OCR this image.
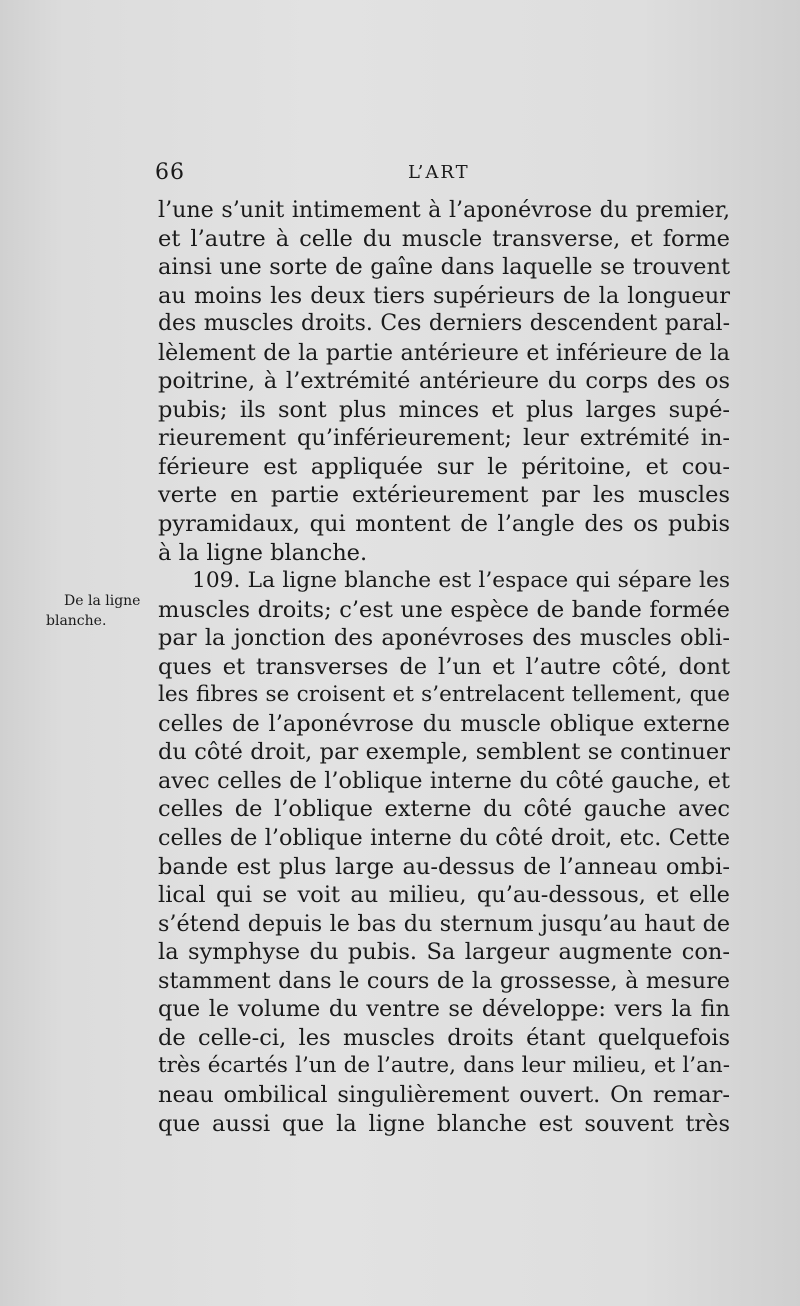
66	L’ART
De la ligne
blanche.
l’une s’unit intimement à l’aponévrose du premier,
et l’autre à celle du muscle transverse, et forme
ainsi une sorte de gaîne dans laquelle se trouvent
au moins les deux tiers supérieurs de la longueur
des muscles droits. Ces derniers descendent paral-
lèlement de la partie antérieure et inférieure de la
poitrine, à l’extrémité antérieure du corps des os
pubis; ils sont plus minces et plus larges supé-
rieurement qu’inférieurement; leur extrémité in-
férieure est appliquée sur le péritoine, et cou-
verte en partie extérieurement par les muscles
pyramidaux, qui montent de l’angle des os pubis
à la ligne blanche.
109. La ligne blanche est l’espace qui sépare les
muscles droits; c’est une espèce de bande formée
par la jonction des aponévroses des muscles obli-
ques et transverses de l’un et l’autre côté, dont
les fibres se croisent et s’entrelacent tellement, que
celles de l’aponévrose du muscle oblique externe
du côté droit, par exemple, semblent se continuer
avec celles de l’oblique interne du côté gauche, et
celles de l’oblique externe du côté gauche avec
celles de l’oblique interne du côté droit, etc. Cette
bande est plus large au-dessus de l’anneau ombi-
lical qui se voit au milieu, qu’au-dessous, et elle
s’étend depuis le bas du sternum jusqu’au haut de
la symphyse du pubis. Sa largeur augmente con-
stamment dans le cours de la grossesse, à mesure
que le volume du ventre se développe: vers la fin
de celle-ci, les muscles droits étant quelquefois
très écartés l’un de l’autre, dans leur milieu, et l’an-
neau ombilical singulièrement ouvert. On remar-
que aussi que la ligne blanche est souvent très
